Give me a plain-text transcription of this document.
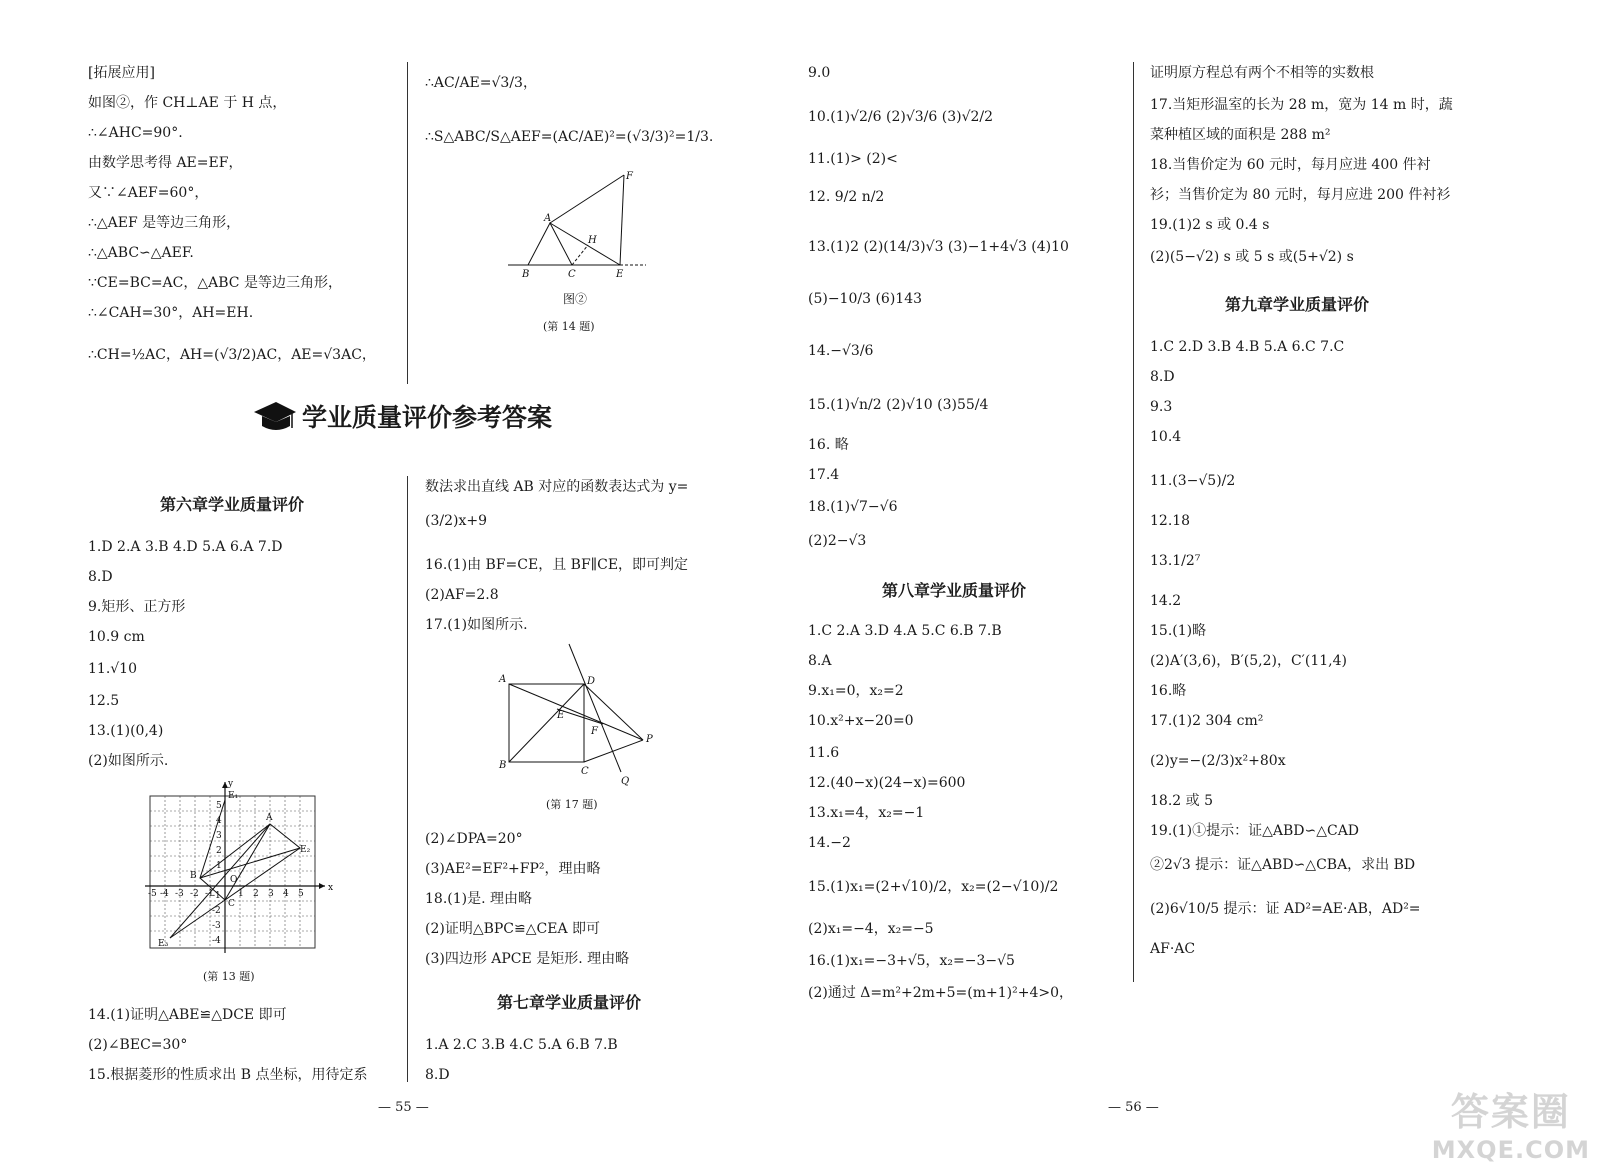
[拓展应用]
如图②，作 CH⊥AE 于 H 点，
∴∠AHC=90°.
由数学思考得 AE=EF，
又∵∠AEF=60°，
∴△AEF 是等边三角形，
∴△ABC∽△AEF.
∵CE=BC=AC，△ABC 是等边三角形，
∴∠CAH=30°，AH=EH.
∴CH=½AC，AH=(√3/2)AC，AE=√3AC，
第六章学业质量评价
1.D 2.A 3.B 4.D 5.A 6.A 7.D
8.D
9.矩形、正方形
10.9 cm
11.√10
12.5
13.(1)(0,4)
(2)如图所示.
x
y
E₁
A
B
C
O
E₂
E₃
5
4
3
2
1
-1
-2
-3
-4
-5 -4 -3 -2 -1	1 2 3 4 5
(第 13 题)
14.(1)证明△ABE≌△DCE 即可
(2)∠BEC=30°
15.根据菱形的性质求出 B 点坐标，用待定系
— 55 —
∴AC/AE=√3/3，
∴S△ABC/S△AEF=(AC/AE)²=(√3/3)²=1/3.
A
B	C	E
F
H
图②
(第 14 题)
学业质量评价参考答案
数法求出直线 AB 对应的函数表达式为 y=
(3/2)x+9
16.(1)由 BF=CE，且 BF∥CE，即可判定
(2)AF=2.8
17.(1)如图所示.
A	D
B
C
E
F
P
Q
(第 17 题)
(2)∠DPA=20°
(3)AE²=EF²+FP²，理由略
18.(1)是. 理由略
(2)证明△BPC≌△CEA 即可
(3)四边形 APCE 是矩形. 理由略
第七章学业质量评价
1.A 2.C 3.B 4.C 5.A 6.B 7.B
8.D
9.0
10.(1)√2/6 (2)√3/6 (3)√2/2
11.(1)> (2)<
12. 9/2 n/2
13.(1)2 (2)(14/3)√3 (3)−1+4√3 (4)10
(5)−10/3 (6)143
14.−√3/6
15.(1)√n/2 (2)√10 (3)55/4
16. 略
17.4
18.(1)√7−√6
(2)2−√3
第八章学业质量评价
1.C 2.A 3.D 4.A 5.C 6.B 7.B
8.A
9.x₁=0，x₂=2
10.x²+x−20=0
11.6
12.(40−x)(24−x)=600
13.x₁=4，x₂=−1
14.−2
15.(1)x₁=(2+√10)/2，x₂=(2−√10)/2
(2)x₁=−4，x₂=−5
16.(1)x₁=−3+√5，x₂=−3−√5
(2)通过 Δ=m²+2m+5=(m+1)²+4>0，
— 56 —
证明原方程总有两个不相等的实数根
17.当矩形温室的长为 28 m，宽为 14 m 时，蔬
菜种植区域的面积是 288 m²
18.当售价定为 60 元时，每月应进 400 件衬
衫；当售价定为 80 元时，每月应进 200 件衬衫
19.(1)2 s 或 0.4 s
(2)(5−√2) s 或 5 s 或(5+√2) s
第九章学业质量评价
1.C 2.D 3.B 4.B 5.A 6.C 7.C
8.D
9.3
10.4
11.(3−√5)/2
12.18
13.1/2⁷
14.2
15.(1)略
(2)A′(3,6)，B′(5,2)，C′(11,4)
16.略
17.(1)2 304 cm²
(2)y=−(2/3)x²+80x
18.2 或 5
19.(1)①提示：证△ABD∽△CAD
②2√3 提示：证△ABD∽△CBA，求出 BD
(2)6√10/5 提示：证 AD²=AE·AB，AD²=
AF·AC
答案圈
MXQE.COM
